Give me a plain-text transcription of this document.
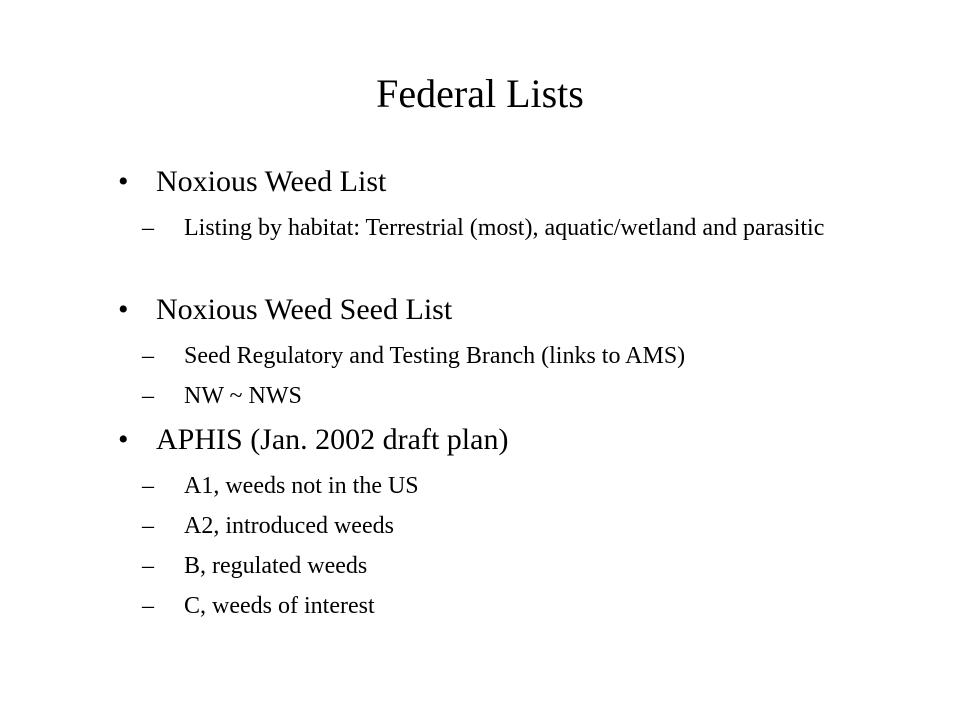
Federal Lists
• Noxious Weed List
– Listing by habitat: Terrestrial (most), aquatic/wetland and parasitic
• Noxious Weed Seed List
– Seed Regulatory and Testing Branch (links to AMS)
– NW ~ NWS
• APHIS (Jan. 2002 draft plan)
– A1, weeds not in the US
– A2, introduced weeds
– B, regulated weeds
– C, weeds of interest
